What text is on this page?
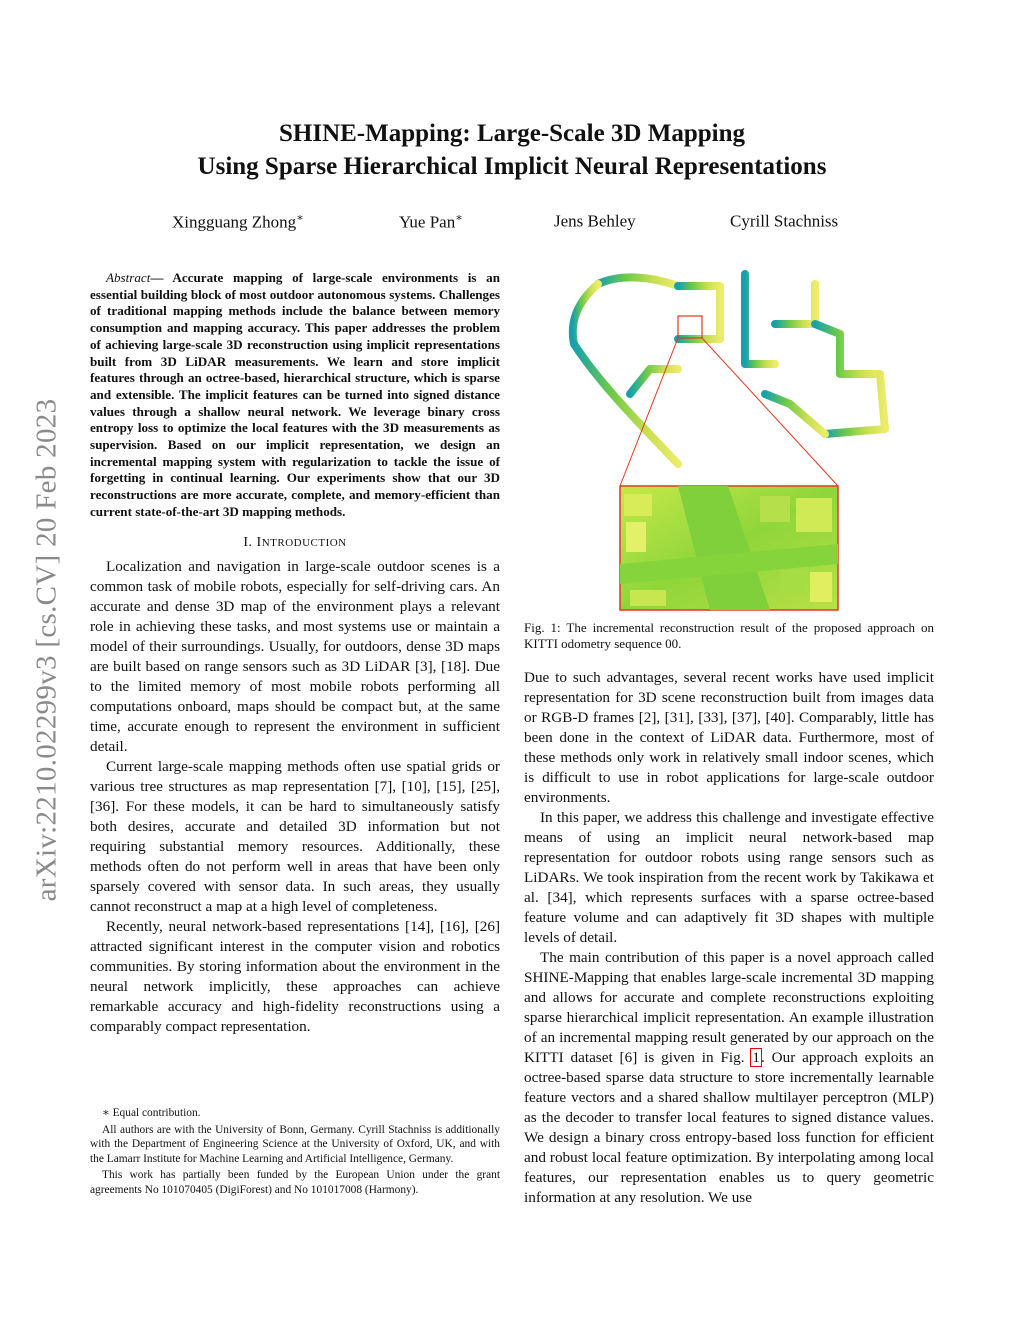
SHINE-Mapping: Large-Scale 3D Mapping
Using Sparse Hierarchical Implicit Neural Representations
Xingguang Zhong∗	Yue Pan∗	Jens Behley	Cyrill Stachniss
arXiv:2210.02299v3 [cs.CV] 20 Feb 2023

Abstract— Accurate mapping of large-scale environments is an essential building block of most outdoor autonomous systems. Challenges of traditional mapping methods include the balance between memory consumption and mapping accuracy. This paper addresses the problem of achieving large-scale 3D reconstruction using implicit representations built from 3D LiDAR measurements. We learn and store implicit features through an octree-based, hierarchical structure, which is sparse and extensible. The implicit features can be turned into signed distance values through a shallow neural network. We leverage binary cross entropy loss to optimize the local features with the 3D measurements as supervision. Based on our implicit representation, we design an incremental mapping system with regularization to tackle the issue of forgetting in continual learning. Our experiments show that our 3D reconstructions are more accurate, complete, and memory-efficient than current state-of-the-art 3D mapping methods.

I. INTRODUCTION

Localization and navigation in large-scale outdoor scenes is a common task of mobile robots, especially for self-driving cars. An accurate and dense 3D map of the environment plays a relevant role in achieving these tasks, and most systems use or maintain a model of their surroundings. Usually, for outdoors, dense 3D maps are built based on range sensors such as 3D LiDAR [3], [18]. Due to the limited memory of most mobile robots performing all computations onboard, maps should be compact but, at the same time, accurate enough to represent the environment in sufficient detail.

Current large-scale mapping methods often use spatial grids or various tree structures as map representation [7], [10], [15], [25], [36]. For these models, it can be hard to simultaneously satisfy both desires, accurate and detailed 3D information but not requiring substantial memory resources. Additionally, these methods often do not perform well in areas that have been only sparsely covered with sensor data. In such areas, they usually cannot reconstruct a map at a high level of completeness.

Recently, neural network-based representations [14], [16], [26] attracted significant interest in the computer vision and robotics communities. By storing information about the environment in the neural network implicitly, these approaches can achieve remarkable accuracy and high-fidelity reconstructions using a comparably compact representation.

∗ Equal contribution.

All authors are with the University of Bonn, Germany. Cyrill Stachniss is additionally with the Department of Engineering Science at the University of Oxford, UK, and with the Lamarr Institute for Machine Learning and Artificial Intelligence, Germany.

This work has partially been funded by the European Union under the grant agreements No 101070405 (DigiForest) and No 101017008 (Harmony).

Fig. 1: The incremental reconstruction result of the proposed approach on KITTI odometry sequence 00.

Due to such advantages, several recent works have used implicit representation for 3D scene reconstruction built from images data or RGB-D frames [2], [31], [33], [37], [40]. Comparably, little has been done in the context of LiDAR data. Furthermore, most of these methods only work in relatively small indoor scenes, which is difficult to use in robot applications for large-scale outdoor environments.

In this paper, we address this challenge and investigate effective means of using an implicit neural network-based map representation for outdoor robots using range sensors such as LiDARs. We took inspiration from the recent work by Takikawa et al. [34], which represents surfaces with a sparse octree-based feature volume and can adaptively fit 3D shapes with multiple levels of detail.

The main contribution of this paper is a novel approach called SHINE-Mapping that enables large-scale incremental 3D mapping and allows for accurate and complete reconstructions exploiting sparse hierarchical implicit representation. An example illustration of an incremental mapping result generated by our approach on the KITTI dataset [6] is given in Fig. 1. Our approach exploits an octree-based sparse data structure to store incrementally learnable feature vectors and a shared shallow multilayer perceptron (MLP) as the decoder to transfer local features to signed distance values. We design a binary cross entropy-based loss function for efficient and robust local feature optimization. By interpolating among local features, our representation enables us to query geometric information at any resolution. We use
